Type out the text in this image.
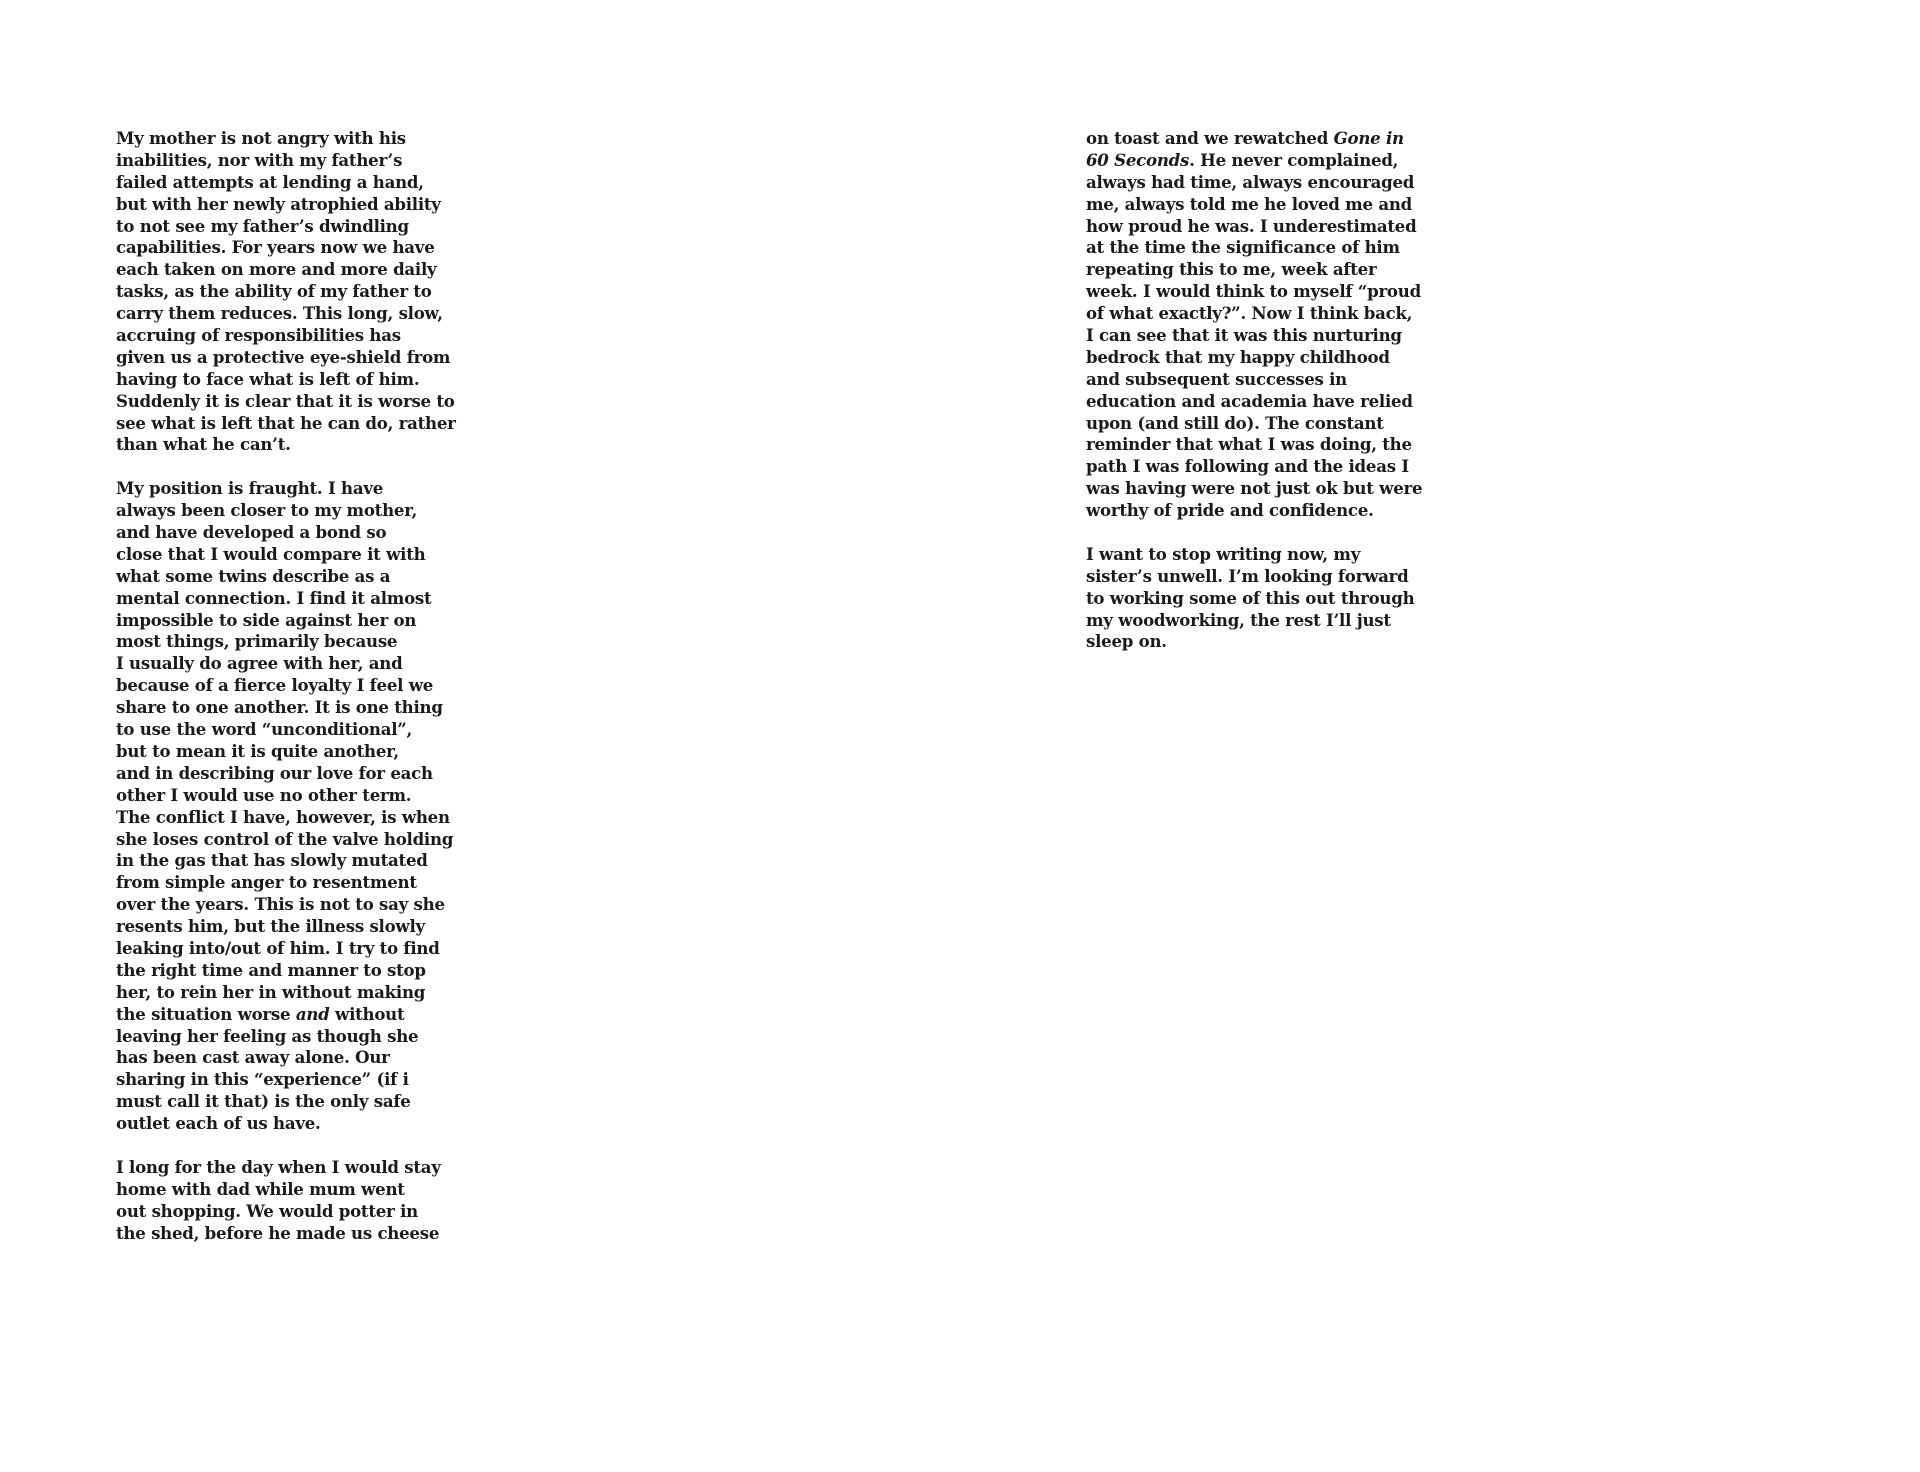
My mother is not angry with his
inabilities, nor with my father’s
failed attempts at lending a hand,
but with her newly atrophied ability
to not see my father’s dwindling
capabilities. For years now we have
each taken on more and more daily
tasks, as the ability of my father to
carry them reduces. This long, slow,
accruing of responsibilities has
given us a protective eye-shield from
having to face what is left of him.
Suddenly it is clear that it is worse to
see what is left that he can do, rather
than what he can’t.
My position is fraught. I have
always been closer to my mother,
and have developed a bond so
close that I would compare it with
what some twins describe as a
mental connection. I find it almost
impossible to side against her on
most things, primarily because
I usually do agree with her, and
because of a fierce loyalty I feel we
share to one another. It is one thing
to use the word “unconditional”,
but to mean it is quite another,
and in describing our love for each
other I would use no other term.
The conflict I have, however, is when
she loses control of the valve holding
in the gas that has slowly mutated
from simple anger to resentment
over the years. This is not to say she
resents him, but the illness slowly
leaking into/out of him. I try to find
the right time and manner to stop
her, to rein her in without making
the situation worse and without
leaving her feeling as though she
has been cast away alone. Our
sharing in this “experience” (if i
must call it that) is the only safe
outlet each of us have.
I long for the day when I would stay
home with dad while mum went
out shopping. We would potter in
the shed, before he made us cheese
on toast and we rewatched Gone in
60 Seconds. He never complained,
always had time, always encouraged
me, always told me he loved me and
how proud he was. I underestimated
at the time the significance of him
repeating this to me, week after
week. I would think to myself “proud
of what exactly?”. Now I think back,
I can see that it was this nurturing
bedrock that my happy childhood
and subsequent successes in
education and academia have relied
upon (and still do). The constant
reminder that what I was doing, the
path I was following and the ideas I
was having were not just ok but were
worthy of pride and confidence.
I want to stop writing now, my
sister’s unwell. I’m looking forward
to working some of this out through
my woodworking, the rest I’ll just
sleep on.
